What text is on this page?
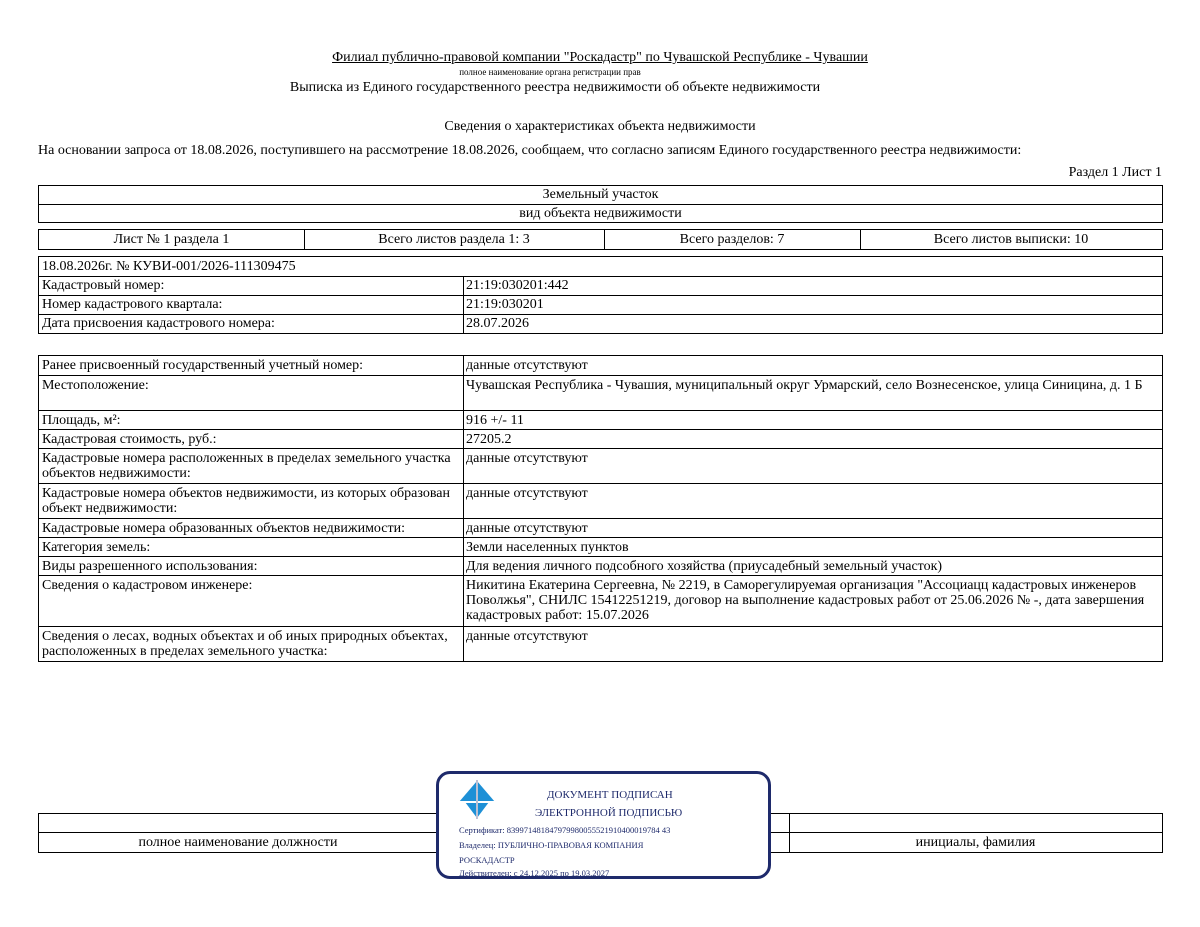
Филиал публично-правовой компании "Роскадастр" по Чувашской Республике - Чувашии
полное наименование органа регистрации прав
Выписка из Единого государственного реестра недвижимости об объекте недвижимости
Сведения о характеристиках объекта недвижимости
На основании запроса от 18.08.2026, поступившего на рассмотрение 18.08.2026, сообщаем, что согласно записям Единого государственного реестра недвижимости:
Раздел 1 Лист 1
Земельный участок
вид объекта недвижимости
Лист № 1 раздела 1	Всего листов раздела 1: 3	Всего разделов: 7	Всего листов выписки: 10
18.08.2026г. № КУВИ-001/2026-111309475
Кадастровый номер:	21:19:030201:442
Номер кадастрового квартала:	21:19:030201
Дата присвоения кадастрового номера:	28.07.2026
Ранее присвоенный государственный учетный номер:	данные отсутствуют
Местоположение:	Чувашская Республика - Чувашия, муниципальный округ Урмарский, село Вознесенское, улица Синицина, д. 1 Б
Площадь, м²:	916 +/- 11
Кадастровая стоимость, руб.:	27205.2
Кадастровые номера расположенных в пределах земельного участка объектов недвижимости:
данные отсутствуют
Кадастровые номера объектов недвижимости, из которых образован объект недвижимости:
данные отсутствуют
Кадастровые номера образованных объектов недвижимости:	данные отсутствуют
Категория земель:	Земли населенных пунктов
Виды разрешенного использования:	Для ведения личного подсобного хозяйства (приусадебный земельный участок)
Сведения о кадастровом инженере:	Никитина Екатерина Сергеевна, № 2219, в Саморегулируемая организация "Ассоциацц кадастровых инженеров Поволжья", СНИЛС 15412251219, договор на выполнение кадастровых работ от 25.06.2026 № -, дата завершения кадастровых работ: 15.07.2026
Сведения о лесах, водных объектах и об иных природных объектах, расположенных в пределах земельного участка:
данные отсутствуют
полное наименование должности	инициалы, фамилия
ДОКУМЕНТ ПОДПИСАН
ЭЛЕКТРОННОЙ ПОДПИСЬЮ
Сертификат: 839971481847979980055521910400019784 43
Владелец: ПУБЛИЧНО-ПРАВОВАЯ КОМПАНИЯ
РОСКАДАСТР
Действителен: с 24.12.2025 по 19.03.2027
